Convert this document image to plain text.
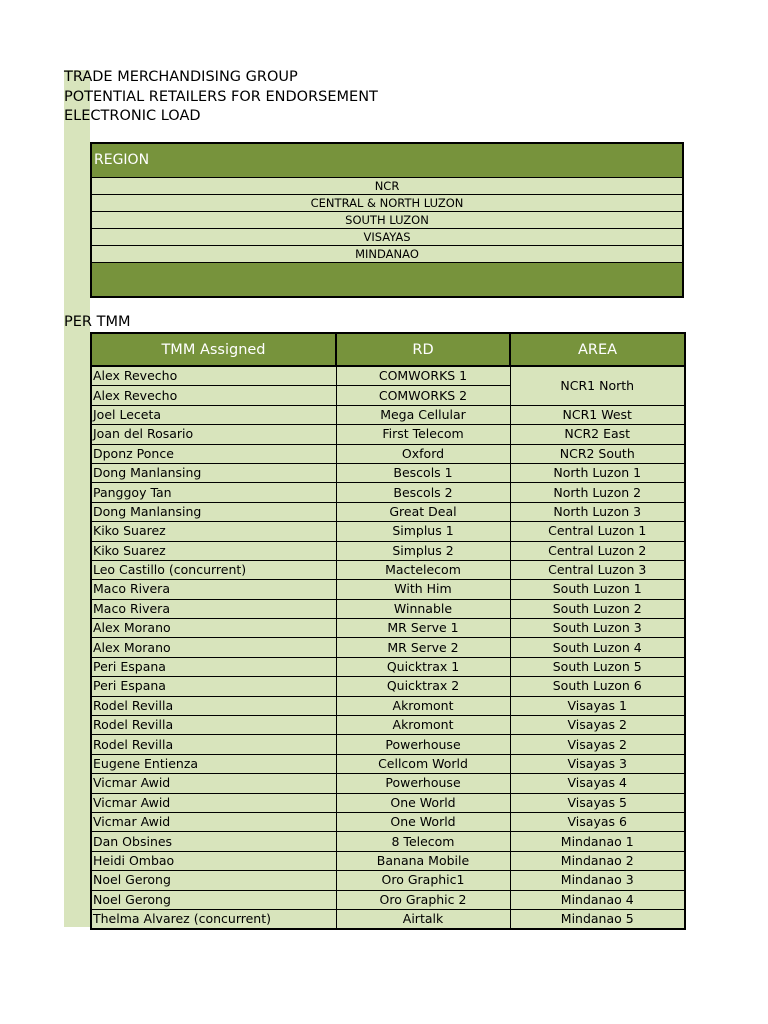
TRADE MERCHANDISING GROUP
POTENTIAL RETAILERS FOR ENDORSEMENT
ELECTRONIC LOAD
REGION
NCR
CENTRAL & NORTH LUZON
SOUTH LUZON
VISAYAS
MINDANAO
PER TMM
TMM Assigned	RD	AREA
Alex Revecho	COMWORKS 1	NCR1 North
Alex Revecho	COMWORKS 2	
Joel Leceta	Mega Cellular	NCR1 West
Joan del Rosario	First Telecom	NCR2 East
Dponz Ponce	Oxford	NCR2 South
Dong Manlansing	Bescols 1	North Luzon 1
Panggoy Tan	Bescols 2	North Luzon 2
Dong Manlansing	Great Deal	North Luzon 3
Kiko Suarez	Simplus 1	Central Luzon 1
Kiko Suarez	Simplus 2	Central Luzon 2
Leo Castillo (concurrent)	Mactelecom	Central Luzon 3
Maco Rivera	With Him	South Luzon 1
Maco Rivera	Winnable	South Luzon 2
Alex Morano	MR Serve 1	South Luzon 3
Alex Morano	MR Serve 2	South Luzon 4
Peri Espana	Quicktrax 1	South Luzon 5
Peri Espana	Quicktrax 2	South Luzon 6
Rodel Revilla	Akromont	Visayas 1
Rodel Revilla	Akromont	Visayas 2
Rodel Revilla	Powerhouse	Visayas 2
Eugene Entienza	Cellcom World	Visayas 3
Vicmar Awid	Powerhouse	Visayas 4
Vicmar Awid	One World	Visayas 5
Vicmar Awid	One World	Visayas 6
Dan Obsines	8 Telecom	Mindanao 1
Heidi Ombao	Banana Mobile	Mindanao 2
Noel Gerong	Oro Graphic1	Mindanao 3
Noel Gerong	Oro Graphic 2	Mindanao 4
Thelma Alvarez (concurrent)	Airtalk	Mindanao 5
